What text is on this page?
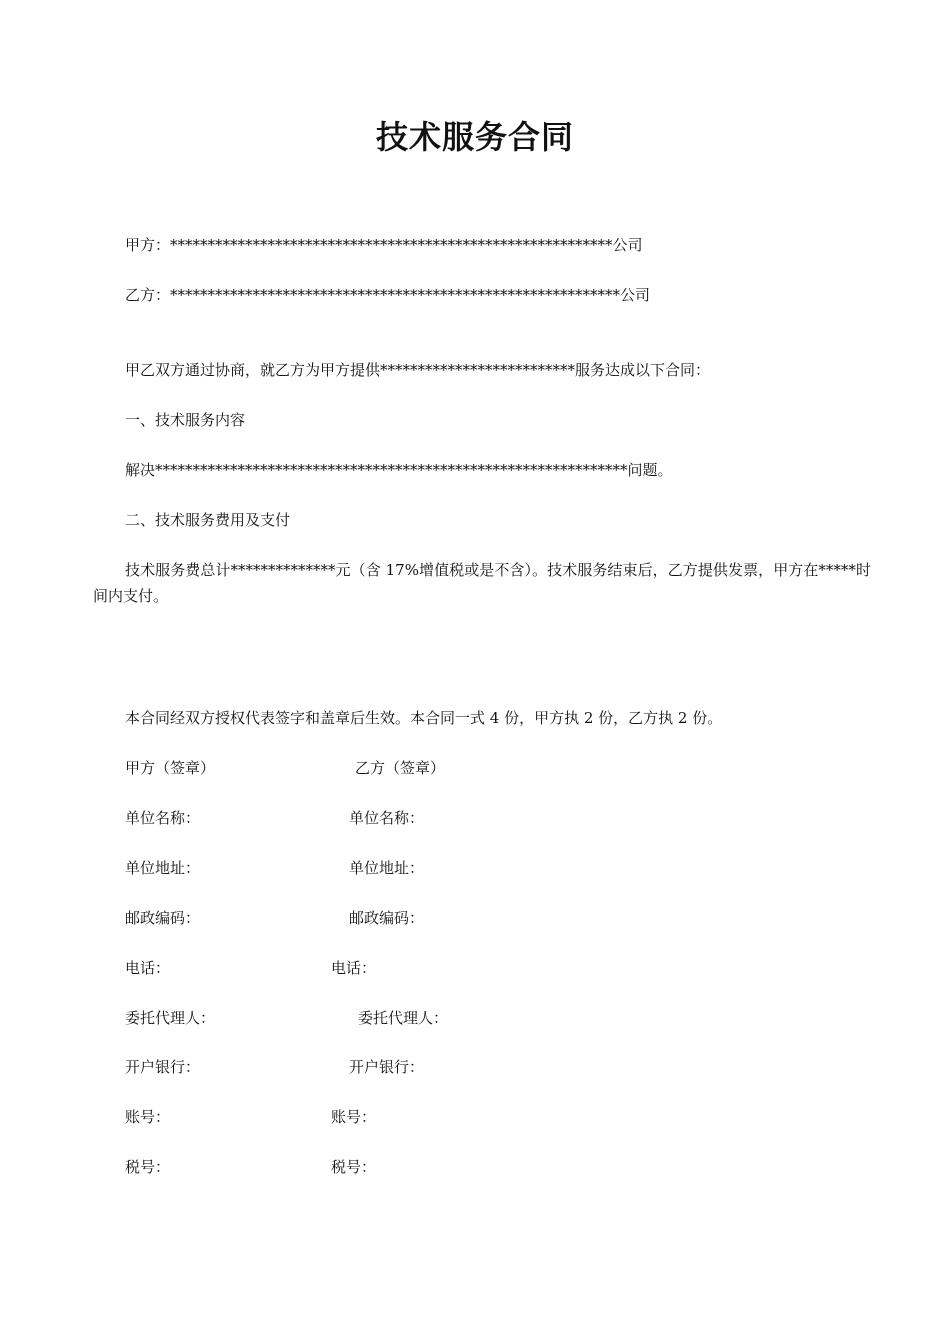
技术服务合同
甲方：***********************************************************公司
乙方：************************************************************公司
甲乙双方通过协商，就乙方为甲方提供**************************服务达成以下合同：
一、技术服务内容
解决***************************************************************问题。
二、技术服务费用及支付
技术服务费总计**************元（含 17%增值税或是不含）。技术服务结束后，乙方提供发票，甲方在*****时间内支付。
本合同经双方授权代表签字和盖章后生效。本合同一式 4 份，甲方执 2 份，乙方执 2 份。
甲方（签章）
单位名称：
单位地址：
邮政编码：
电话：
委托代理人：
开户银行：
账号：
税号：
乙方（签章）
单位名称：
单位地址：
邮政编码：
电话：
委托代理人：
开户银行：
账号：
税号：
